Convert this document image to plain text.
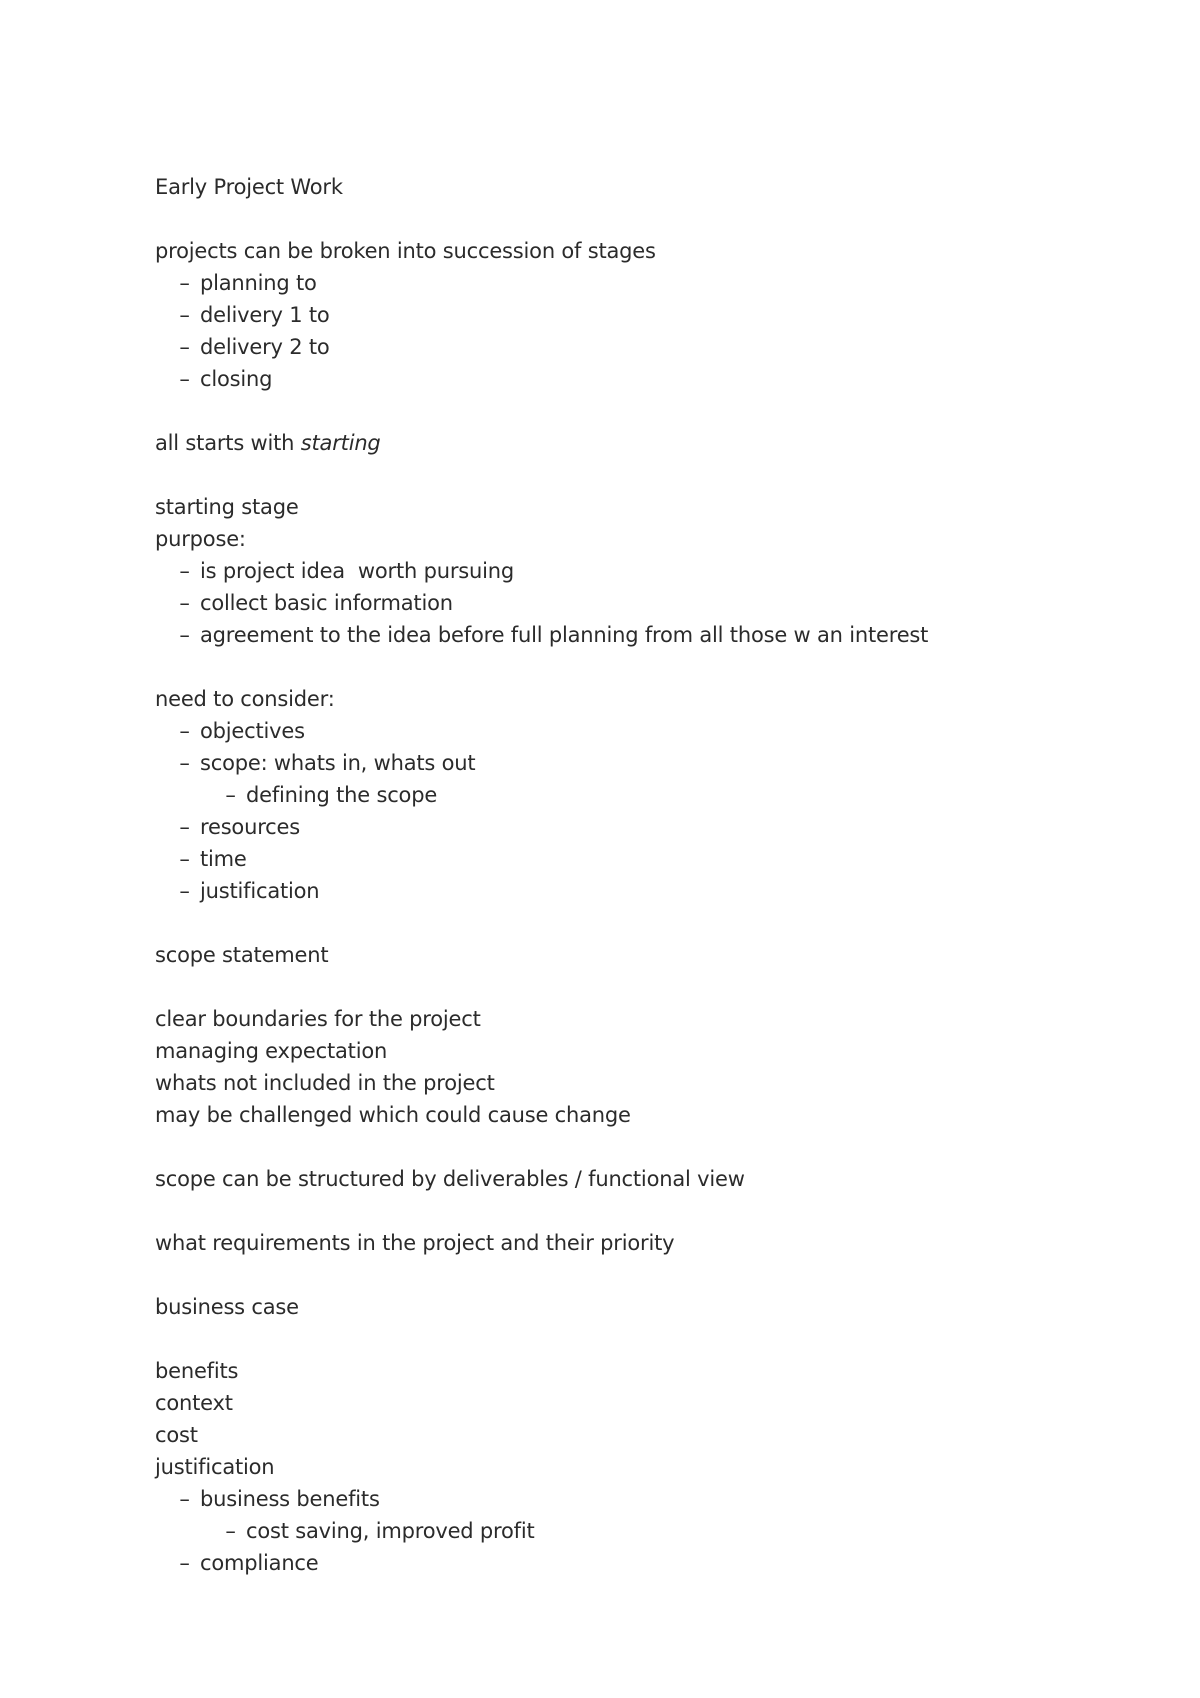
Early Project Work
projects can be broken into succession of stages
– planning to
– delivery 1 to
– delivery 2 to
– closing
all starts with starting
starting stage
purpose:
– is project idea  worth pursuing
– collect basic information
– agreement to the idea before full planning from all those w an interest
need to consider:
– objectives
– scope: whats in, whats out
– defining the scope
– resources
– time
– justification
scope statement
clear boundaries for the project
managing expectation
whats not included in the project
may be challenged which could cause change
scope can be structured by deliverables / functional view
what requirements in the project and their priority
business case
benefits
context
cost
justification
– business benefits
– cost saving, improved profit
– compliance
